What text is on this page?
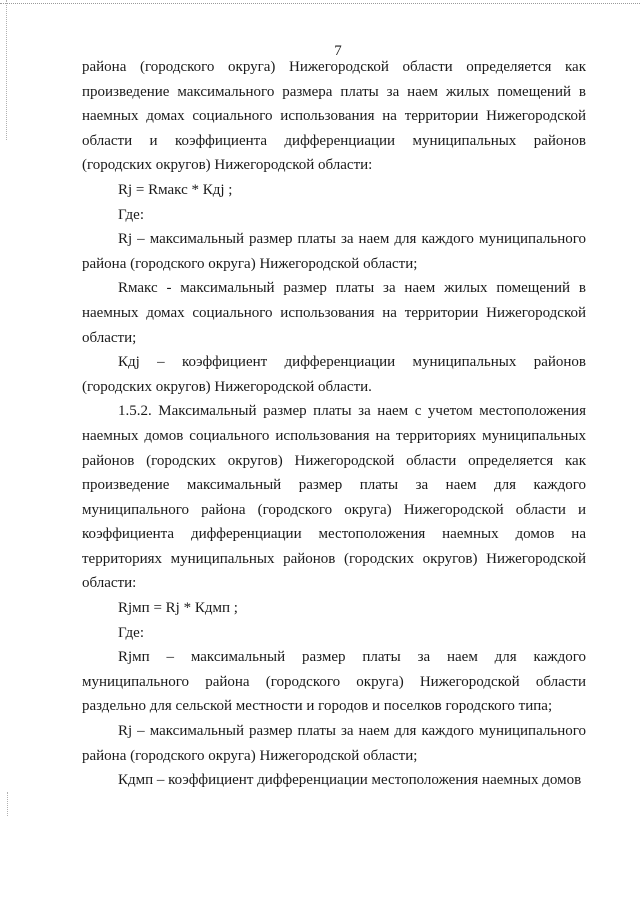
7

района (городского округа) Нижегородской области определяется как произведение максимального размера платы за наем жилых помещений в наемных домах социального использования на территории Нижегородской области и коэффициента дифференциации муниципальных районов (городских округов) Нижегородской области:

Rj = Rмакс * Кдj ;

Где:

Rj – максимальный размер платы за наем для каждого муниципального района (городского округа) Нижегородской области;

Rмакс - максимальный размер платы за наем жилых помещений в наемных домах социального использования на территории Нижегородской области;

Кдj – коэффициент дифференциации муниципальных районов (городских округов) Нижегородской области.

1.5.2. Максимальный размер платы за наем с учетом местоположения наемных домов социального использования на территориях муниципальных районов (городских округов) Нижегородской области определяется как произведение максимальный размер платы за наем для каждого муниципального района (городского округа) Нижегородской области и коэффициента дифференциации местоположения наемных домов на территориях муниципальных районов (городских округов) Нижегородской области:

Rjмп = Rj * Кдмп ;

Где:

Rjмп – максимальный размер платы за наем для каждого муниципального района (городского округа) Нижегородской области раздельно для сельской местности и городов и поселков городского типа;

Rj – максимальный размер платы за наем для каждого муниципального района (городского округа) Нижегородской области;

Кдмп – коэффициент дифференциации местоположения наемных домов
